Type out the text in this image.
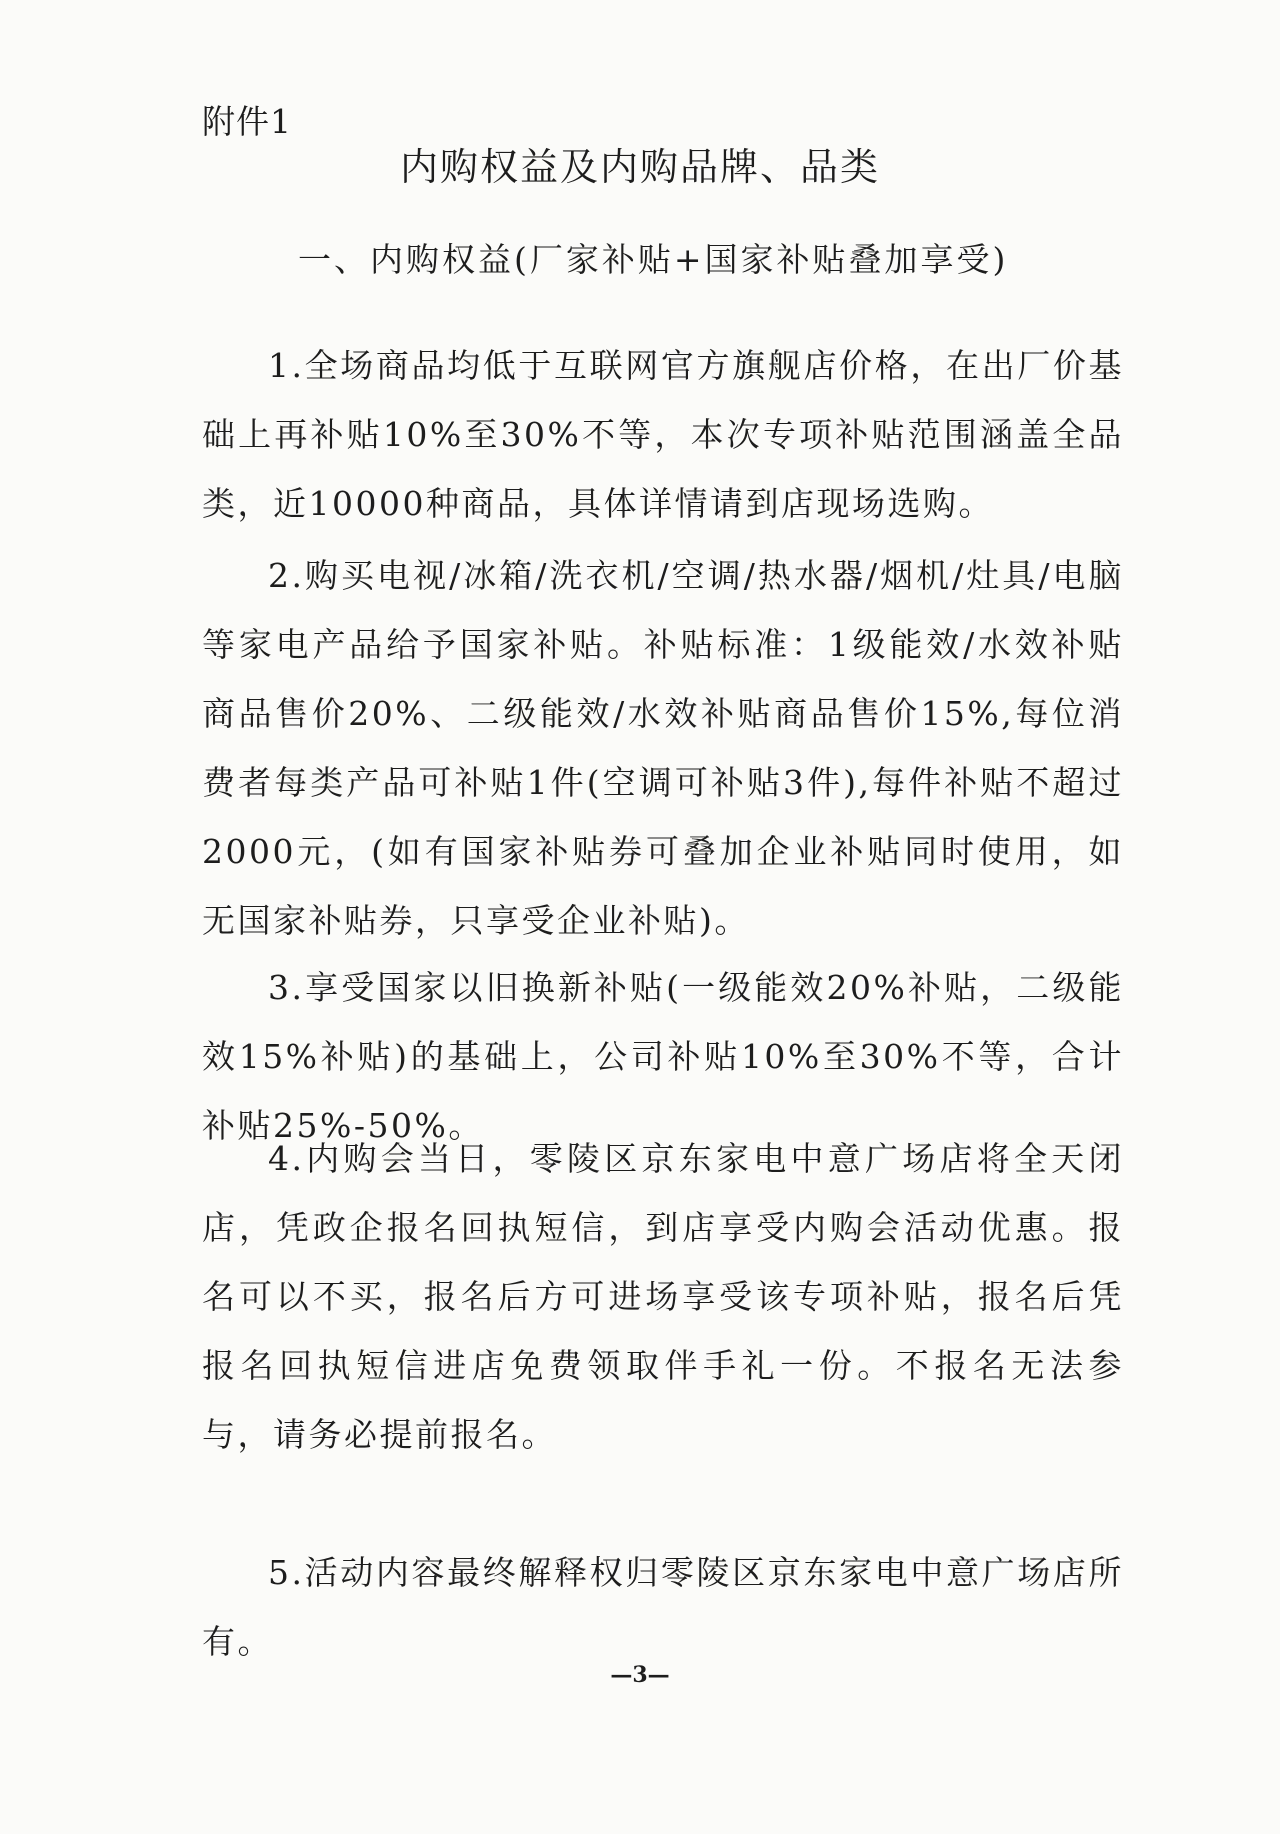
附件1
内购权益及内购品牌、品类
一、内购权益(厂家补贴+国家补贴叠加享受)

1.全场商品均低于互联网官方旗舰店价格，在出厂价基础上再补贴10%至30%不等，本次专项补贴范围涵盖全品类，近10000种商品，具体详情请到店现场选购。

2.购买电视/冰箱/洗衣机/空调/热水器/烟机/灶具/电脑等家电产品给予国家补贴。补贴标准：1级能效/水效补贴商品售价20%、二级能效/水效补贴商品售价15%,每位消费者每类产品可补贴1件(空调可补贴3件),每件补贴不超过2000元，(如有国家补贴券可叠加企业补贴同时使用，如无国家补贴券，只享受企业补贴)。

3.享受国家以旧换新补贴(一级能效20%补贴，二级能效15%补贴)的基础上，公司补贴10%至30%不等，合计补贴25%-50%。

4.内购会当日，零陵区京东家电中意广场店将全天闭店，凭政企报名回执短信，到店享受内购会活动优惠。报名可以不买，报名后方可进场享受该专项补贴，报名后凭报名回执短信进店免费领取伴手礼一份。不报名无法参与，请务必提前报名。

5.活动内容最终解释权归零陵区京东家电中意广场店所有。

—3—
